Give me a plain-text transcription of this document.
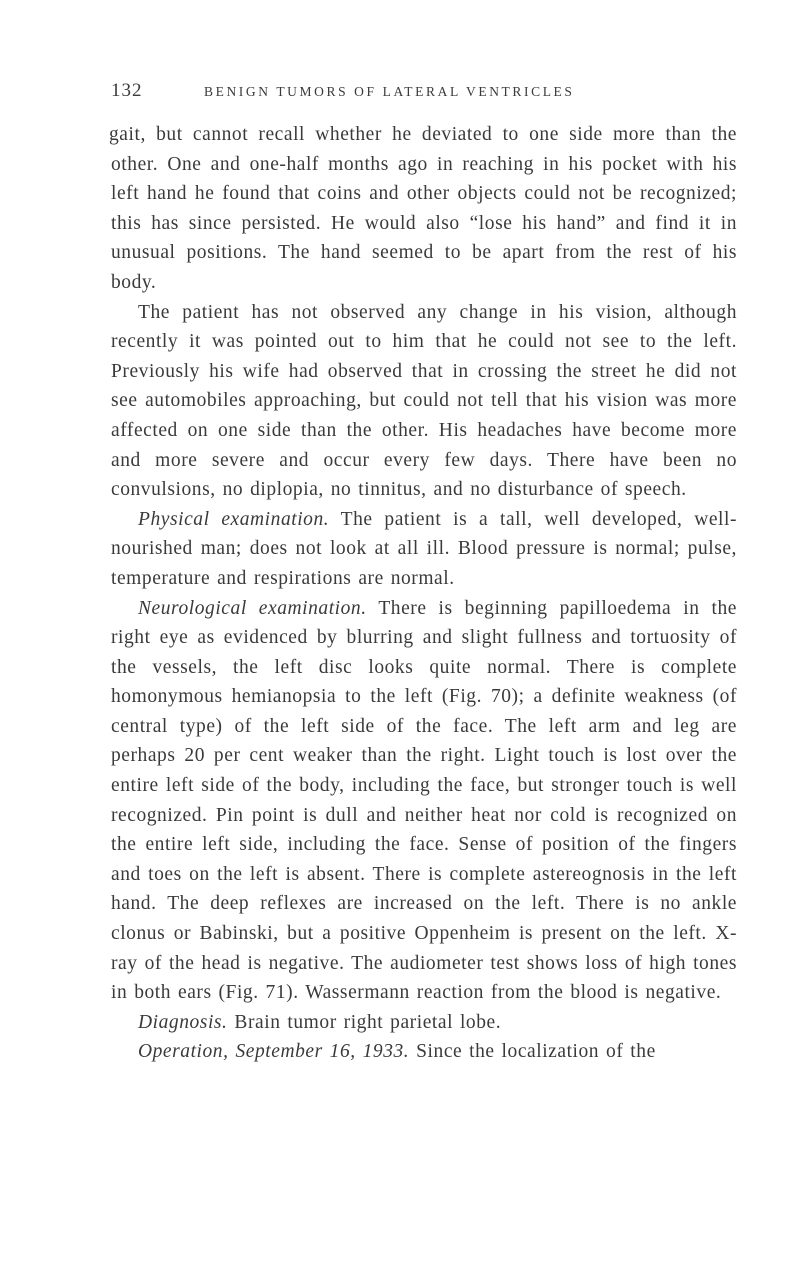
132	BENIGN TUMORS OF LATERAL VENTRICLES

gait, but cannot recall whether he deviated to one side more than the other. One and one-half months ago in reaching in his pocket with his left hand he found that coins and other objects could not be recognized; this has since persisted. He would also “lose his hand” and find it in unusual positions. The hand seemed to be apart from the rest of his body.

The patient has not observed any change in his vision, although recently it was pointed out to him that he could not see to the left. Previously his wife had observed that in crossing the street he did not see automobiles approaching, but could not tell that his vision was more affected on one side than the other. His headaches have become more and more severe and occur every few days. There have been no convulsions, no diplopia, no tinnitus, and no disturbance of speech.

Physical examination. The patient is a tall, well developed, well-nourished man; does not look at all ill. Blood pressure is normal; pulse, temperature and respirations are normal.

Neurological examination. There is beginning papilloedema in the right eye as evidenced by blurring and slight fullness and tortuosity of the vessels, the left disc looks quite normal. There is complete homonymous hemianopsia to the left (Fig. 70); a definite weakness (of central type) of the left side of the face. The left arm and leg are perhaps 20 per cent weaker than the right. Light touch is lost over the entire left side of the body, including the face, but stronger touch is well recognized. Pin point is dull and neither heat nor cold is recognized on the entire left side, including the face. Sense of position of the fingers and toes on the left is absent. There is complete astereognosis in the left hand. The deep reflexes are increased on the left. There is no ankle clonus or Babinski, but a positive Oppenheim is present on the left. X-ray of the head is negative. The audiometer test shows loss of high tones in both ears (Fig. 71). Wassermann reaction from the blood is negative.

Diagnosis. Brain tumor right parietal lobe.

Operation, September 16, 1933. Since the localization of the
